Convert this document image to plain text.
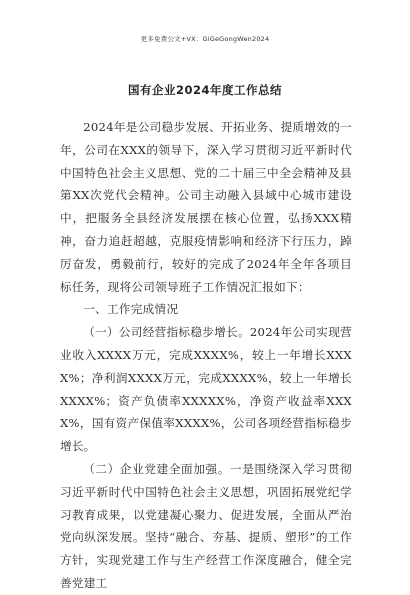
更多免费公文+VX：GiGeGongWen2024
国有企业2024年度工作总结

2024年是公司稳步发展、开拓业务、提质增效的一年，公司在XXX的领导下，深入学习贯彻习近平新时代中国特色社会主义思想、党的二十届三中全会精神及县第XX次党代会精神。公司主动融入县域中心城市建设中，把服务全县经济发展摆在核心位置，弘扬XXX精神，奋力追赶超越，克服疫情影响和经济下行压力，踔厉奋发，勇毅前行，较好的完成了2024年全年各项目标任务，现将公司领导班子工作情况汇报如下：

一、工作完成情况

（一）公司经营指标稳步增长。2024年公司实现营业收入XXXX万元，完成XXXX%，较上一年增长XXXX%；净利润XXXX万元，完成XXXX%，较上一年增长XXXX%；资产负债率XXXXX%，净资产收益率XXXX%，国有资产保值率XXXX%，公司各项经营指标稳步增长。

（二）企业党建全面加强。一是围绕深入学习贯彻习近平新时代中国特色社会主义思想，巩固拓展党纪学习教育成果，以党建凝心聚力、促进发展，全面从严治党向纵深发展。坚持“融合、夯基、提质、塑形”的工作方针，实现党建工作与生产经营工作深度融合，健全完善党建工
